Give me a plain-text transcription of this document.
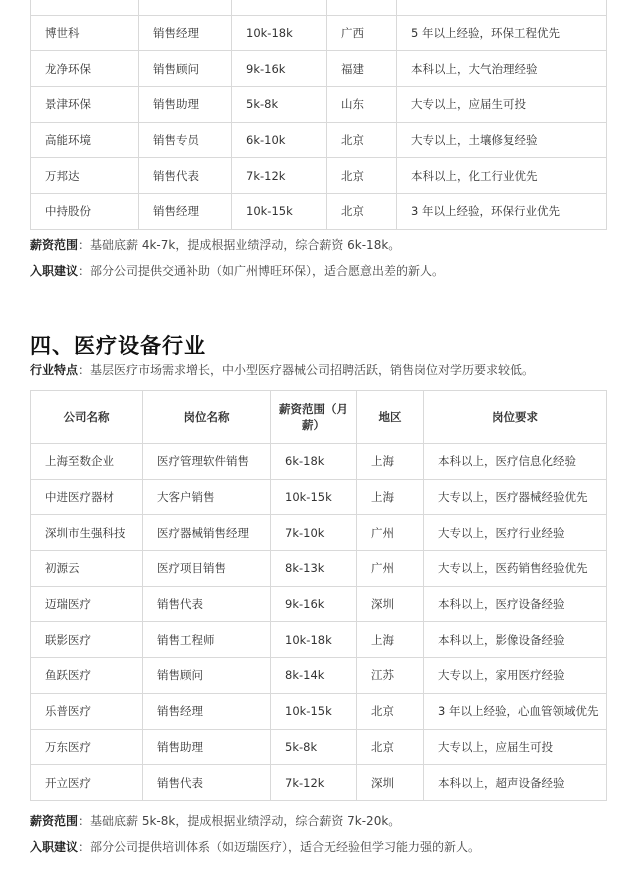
博世科	销售经理	10k-18k	广西	5 年以上经验，环保工程优先
龙净环保	销售顾问	9k-16k	福建	本科以上，大气治理经验
景津环保	销售助理	5k-8k	山东	大专以上，应届生可投
高能环境	销售专员	6k-10k	北京	大专以上，土壤修复经验
万邦达	销售代表	7k-12k	北京	本科以上，化工行业优先
中持股份	销售经理	10k-15k	北京	3 年以上经验，环保行业优先
薪资范围：基础底薪 4k-7k，提成根据业绩浮动，综合薪资 6k-18k。
入职建议：部分公司提供交通补助（如广州博旺环保），适合愿意出差的新人。
四、医疗设备行业
行业特点：基层医疗市场需求增长，中小型医疗器械公司招聘活跃，销售岗位对学历要求较低。
公司名称	岗位名称	薪资范围（月薪）	地区	岗位要求
上海至数企业	医疗管理软件销售	6k-18k	上海	本科以上，医疗信息化经验
中进医疗器材	大客户销售	10k-15k	上海	大专以上，医疗器械经验优先
深圳市生强科技	医疗器械销售经理	7k-10k	广州	大专以上，医疗行业经验
初源云	医疗项目销售	8k-13k	广州	大专以上，医药销售经验优先
迈瑞医疗	销售代表	9k-16k	深圳	本科以上，医疗设备经验
联影医疗	销售工程师	10k-18k	上海	本科以上，影像设备经验
鱼跃医疗	销售顾问	8k-14k	江苏	大专以上，家用医疗经验
乐普医疗	销售经理	10k-15k	北京	3 年以上经验，心血管领域优先
万东医疗	销售助理	5k-8k	北京	大专以上，应届生可投
开立医疗	销售代表	7k-12k	深圳	本科以上，超声设备经验
薪资范围：基础底薪 5k-8k，提成根据业绩浮动，综合薪资 7k-20k。
入职建议：部分公司提供培训体系（如迈瑞医疗），适合无经验但学习能力强的新人。
